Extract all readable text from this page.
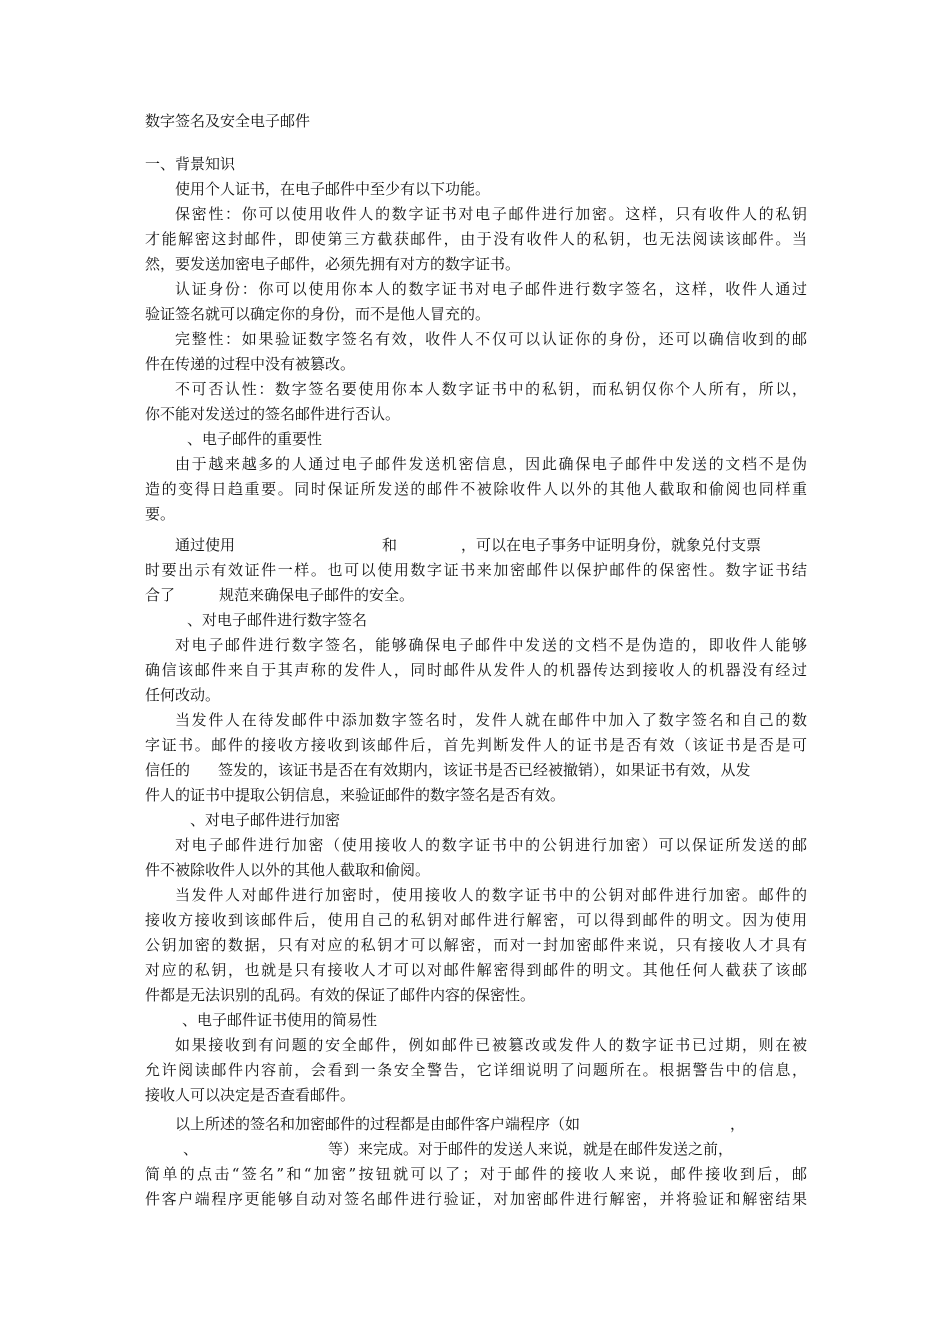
数字签名及安全电子邮件
一、背景知识
使用个人证书，在电子邮件中至少有以下功能。
保密性：你可以使用收件人的数字证书对电子邮件进行加密。这样，只有收件人的私钥
才能解密这封邮件，即使第三方截获邮件，由于没有收件人的私钥，也无法阅读该邮件。当
然，要发送加密电子邮件，必须先拥有对方的数字证书。
认证身份：你可以使用你本人的数字证书对电子邮件进行数字签名，这样，收件人通过
验证签名就可以确定你的身份，而不是他人冒充的。
完整性：如果验证数字签名有效，收件人不仅可以认证你的身份，还可以确信收到的邮
件在传递的过程中没有被篡改。
不可否认性：数字签名要使用你本人数字证书中的私钥，而私钥仅你个人所有，所以，
你不能对发送过的签名邮件进行否认。
、电子邮件的重要性
由于越来越多的人通过电子邮件发送机密信息，因此确保电子邮件中发送的文档不是伪
造的变得日趋重要。同时保证所发送的邮件不被除收件人以外的其他人截取和偷阅也同样重
要。
通过使用	和	，可以在电子事务中证明身份，就象兑付支票
时要出示有效证件一样。也可以使用数字证书来加密邮件以保护邮件的保密性。数字证书结
合了	规范来确保电子邮件的安全。
、对电子邮件进行数字签名
对电子邮件进行数字签名，能够确保电子邮件中发送的文档不是伪造的，即收件人能够
确信该邮件来自于其声称的发件人，同时邮件从发件人的机器传达到接收人的机器没有经过
任何改动。
当发件人在待发邮件中添加数字签名时，发件人就在邮件中加入了数字签名和自己的数
字证书。邮件的接收方接收到该邮件后，首先判断发件人的证书是否有效（该证书是否是可
信任的 签发的，该证书是否在有效期内，该证书是否已经被撤销），如果证书有效，从发
件人的证书中提取公钥信息，来验证邮件的数字签名是否有效。
、对电子邮件进行加密
对电子邮件进行加密（使用接收人的数字证书中的公钥进行加密）可以保证所发送的邮
件不被除收件人以外的其他人截取和偷阅。
当发件人对邮件进行加密时，使用接收人的数字证书中的公钥对邮件进行加密。邮件的
接收方接收到该邮件后，使用自己的私钥对邮件进行解密，可以得到邮件的明文。因为使用
公钥加密的数据，只有对应的私钥才可以解密，而对一封加密邮件来说，只有接收人才具有
对应的私钥，也就是只有接收人才可以对邮件解密得到邮件的明文。其他任何人截获了该邮
件都是无法识别的乱码。有效的保证了邮件内容的保密性。
、电子邮件证书使用的简易性
如果接收到有问题的安全邮件，例如邮件已被篡改或发件人的数字证书已过期，则在被
允许阅读邮件内容前，会看到一条安全警告，它详细说明了问题所在。根据警告中的信息，
接收人可以决定是否查看邮件。
以上所述的签名和加密邮件的过程都是由邮件客户端程序（如	，
、	等）来完成。对于邮件的发送人来说，就是在邮件发送之前，
简单的点击“签名”和“加密”按钮就可以了；对于邮件的接收人来说，邮件接收到后，邮
件客户端程序更能够自动对签名邮件进行验证，对加密邮件进行解密，并将验证和解密结果
